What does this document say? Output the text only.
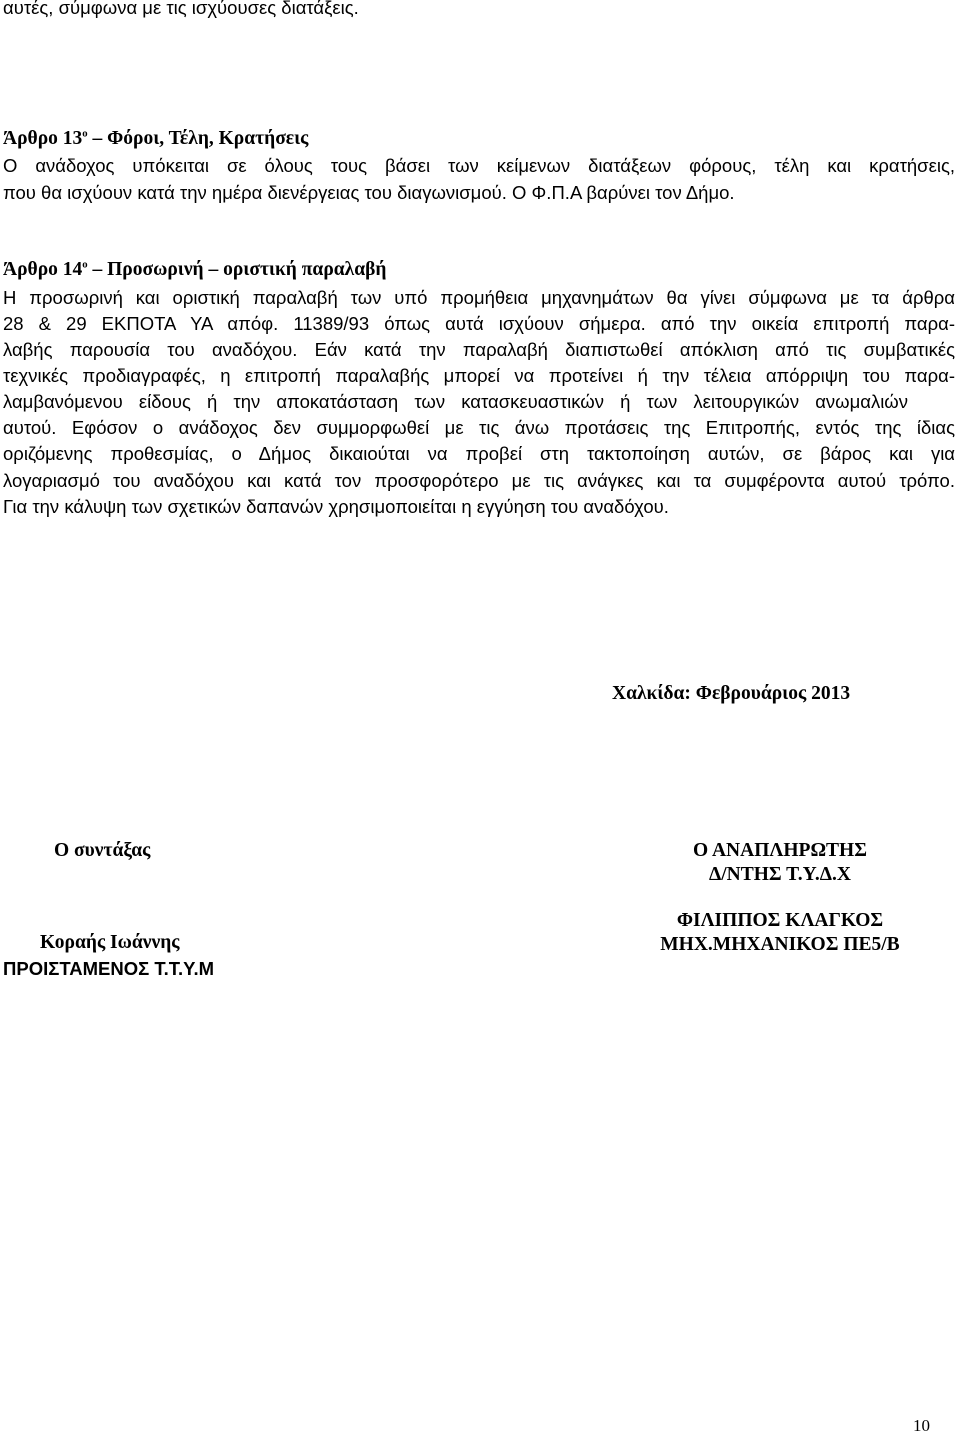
αυτές, σύμφωνα με τις ισχύουσες διατάξεις.
Άρθρο $13^o$ – Φόροι, Τέλη, Κρατήσεις
Ο ανάδοχος υπόκειται σε όλους τους βάσει των κείμενων διατάξεων φόρους, τέλη και κρατήσεις,
που θα ισχύουν κατά την ημέρα διενέργειας του διαγωνισμού. Ο Φ.Π.Α βαρύνει τον Δήμο.
Άρθρο $14^o$ – Προσωρινή – οριστική παραλαβή
Η προσωρινή και οριστική παραλαβή των υπό προμήθεια μηχανημάτων θα γίνει σύμφωνα με τα άρθρα
28 & 29 ΕΚΠΟΤΑ ΥΑ απόφ. 11389/93 όπως αυτά ισχύουν σήμερα. από την οικεία επιτροπή παρα-
λαβής παρουσία του αναδόχου. Εάν κατά την παραλαβή διαπιστωθεί απόκλιση από τις συμβατικές
τεχνικές προδιαγραφές, η επιτροπή παραλαβής μπορεί να προτείνει ή την τέλεια απόρριψη του παρα-
λαμβανόμενου είδους ή την αποκατάσταση των κατασκευαστικών ή των λειτουργικών ανωμαλιών
αυτού. Εφόσον ο ανάδοχος δεν συμμορφωθεί με τις άνω προτάσεις της Επιτροπής, εντός της ίδιας
οριζόμενης προθεσμίας, ο Δήμος δικαιούται να προβεί στη τακτοποίηση αυτών, σε βάρος και για
λογαριασμό του αναδόχου και κατά τον προσφορότερο με τις ανάγκες και τα συμφέροντα αυτού τρόπο.
Για την κάλυψη των σχετικών δαπανών χρησιμοποιείται η εγγύηση του αναδόχου.
Χαλκίδα: Φεβρουάριος 2013
Ο συντάξας
Κοραής Ιωάννης
ΠΡΟΙΣΤΑΜΕΝΟΣ Τ.Τ.Υ.Μ
Ο ΑΝΑΠΛΗΡΩΤΗΣ
Δ/ΝΤΗΣ Τ.Υ.Δ.Χ
ΦΙΛΙΠΠΟΣ ΚΛΑΓΚΟΣ
ΜΗΧ.ΜΗΧΑΝΙΚΟΣ ΠΕ5/Β
10
